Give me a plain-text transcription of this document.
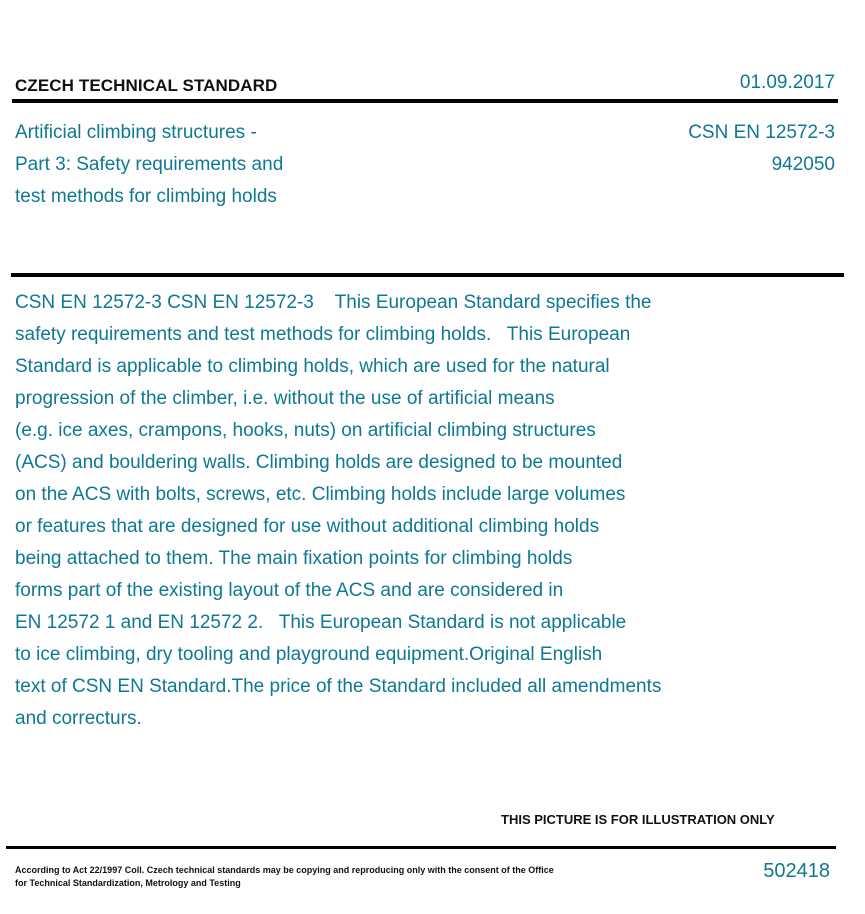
CZECH TECHNICAL STANDARD	01.09.2017
Artificial climbing structures -
Part 3: Safety requirements and
test methods for climbing holds
CSN EN 12572-3
942050
CSN EN 12572-3 CSN EN 12572-3    This European Standard specifies the
safety requirements and test methods for climbing holds.   This European
Standard is applicable to climbing holds, which are used for the natural
progression of the climber, i.e. without the use of artificial means
(e.g. ice axes, crampons, hooks, nuts) on artificial climbing structures
(ACS) and bouldering walls. Climbing holds are designed to be mounted
on the ACS with bolts, screws, etc. Climbing holds include large volumes
or features that are designed for use without additional climbing holds
being attached to them. The main fixation points for climbing holds
forms part of the existing layout of the ACS and are considered in
EN 12572 1 and EN 12572 2.   This European Standard is not applicable
to ice climbing, dry tooling and playground equipment.Original English
text of CSN EN Standard.The price of the Standard included all amendments
and correcturs.
THIS PICTURE IS FOR ILLUSTRATION ONLY
According to Act 22/1997 Coll. Czech technical standards may be copying and reproducing only with the consent of the Office
for Technical Standardization, Metrology and Testing
502418
